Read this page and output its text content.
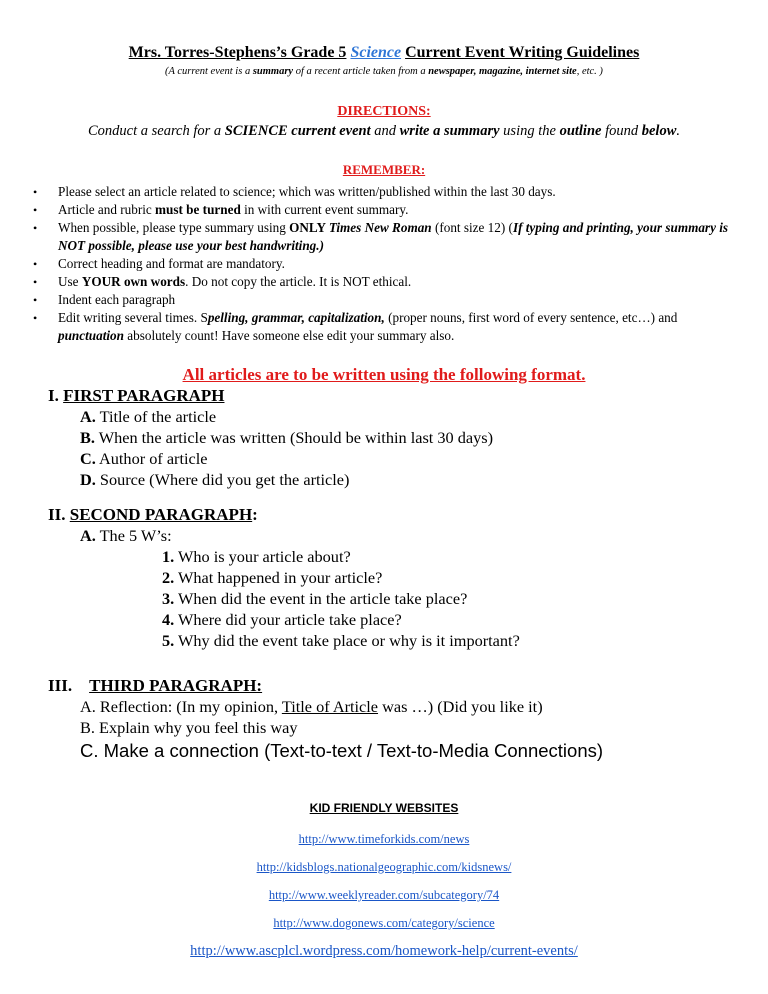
Mrs. Torres-Stephens’s Grade 5 Science Current Event Writing Guidelines
(A current event is a summary of a recent article taken from a newspaper, magazine, internet site, etc. )
DIRECTIONS:
Conduct a search for a SCIENCE current event and write a summary using the outline found below.
REMEMBER:
• Please select an article related to science; which was written/published within the last 30 days.
• Article and rubric must be turned in with current event summary.
• When possible, please type summary using ONLY Times New Roman (font size 12) (If typing and printing, your summary is NOT possible, please use your best handwriting.)
• Correct heading and format are mandatory.
• Use YOUR own words. Do not copy the article. It is NOT ethical.
• Indent each paragraph
• Edit writing several times. Spelling, grammar, capitalization, (proper nouns, first word of every sentence, etc…) and punctuation absolutely count! Have someone else edit your summary also.
All articles are to be written using the following format.
I. FIRST PARAGRAPH
A. Title of the article
B. When the article was written (Should be within last 30 days)
C. Author of article
D. Source (Where did you get the article)
II. SECOND PARAGRAPH:
A. The 5 W’s:
1. Who is your article about?
2. What happened in your article?
3. When did the event in the article take place?
4. Where did your article take place?
5. Why did the event take place or why is it important?
III. THIRD PARAGRAPH:
A. Reflection: (In my opinion, Title of Article was …) (Did you like it)
B. Explain why you feel this way
C. Make a connection (Text-to-text / Text-to-Media Connections)
KID FRIENDLY WEBSITES
http://www.timeforkids.com/news
http://kidsblogs.nationalgeographic.com/kidsnews/
http://www.weeklyreader.com/subcategory/74
http://www.dogonews.com/category/science
http://www.ascplcl.wordpress.com/homework-help/current-events/
